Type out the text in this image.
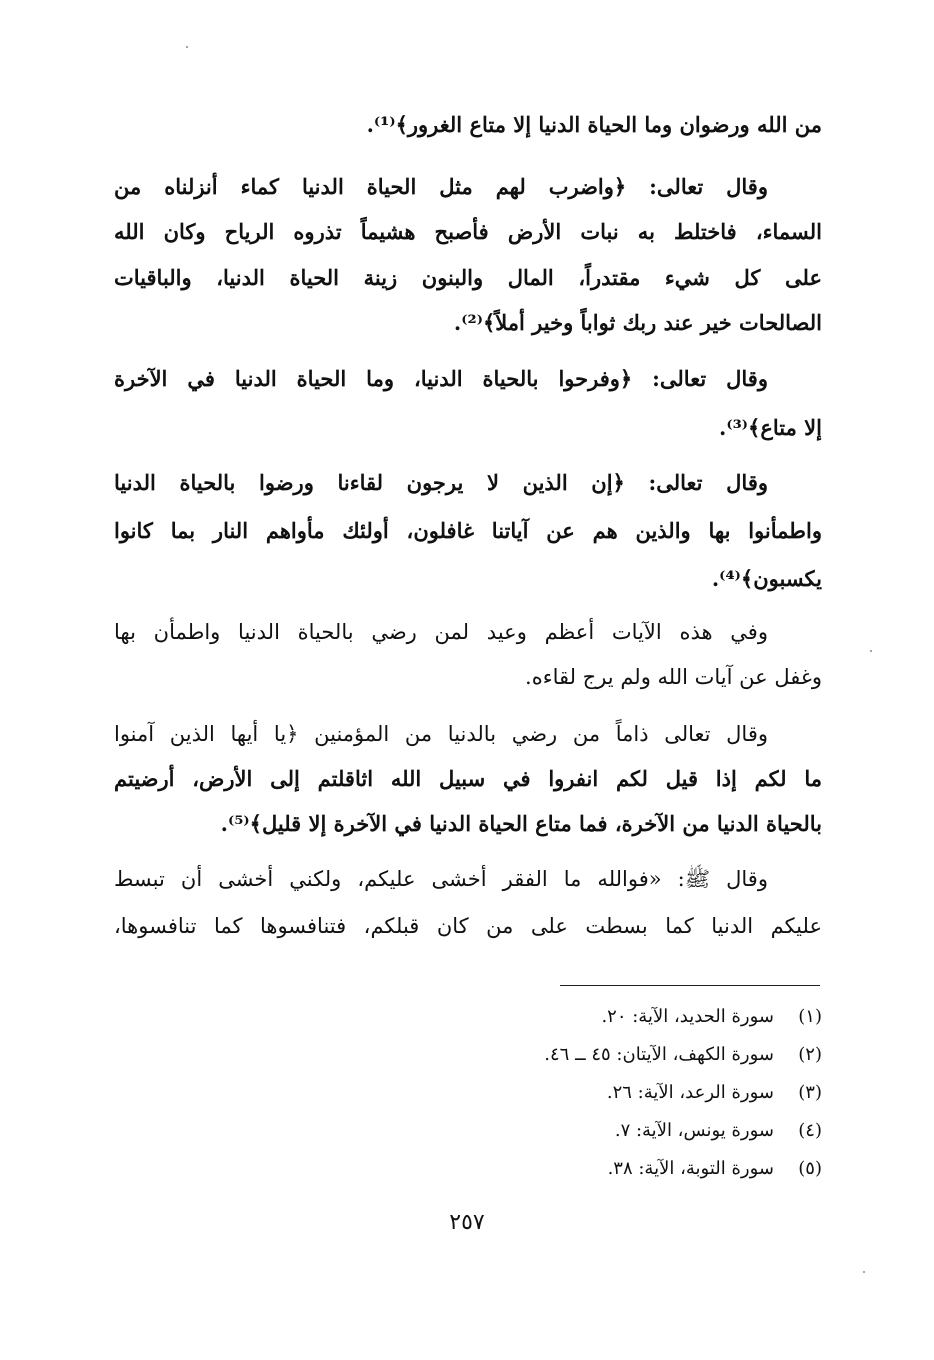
من الله ورضوان وما الحياة الدنيا إلا متاع الغرور﴾⁽¹⁾.
وقال تعالى: ﴿واضرب لهم مثل الحياة الدنيا كماء أنزلناه من
السماء، فاختلط به نبات الأرض فأصبح هشيماً تذروه الرياح وكان الله
على كل شيء مقتدراً، المال والبنون زينة الحياة الدنيا، والباقيات
الصالحات خير عند ربك ثواباً وخير أملاً﴾⁽²⁾.
وقال تعالى: ﴿وفرحوا بالحياة الدنيا، وما الحياة الدنيا في الآخرة
إلا متاع﴾⁽³⁾.
وقال تعالى: ﴿إن الذين لا يرجون لقاءنا ورضوا بالحياة الدنيا
واطمأنوا بها والذين هم عن آياتنا غافلون، أولئك مأواهم النار بما كانوا
يكسبون﴾⁽⁴⁾.
وفي هذه الآيات أعظم وعيد لمن رضي بالحياة الدنيا واطمأن بها
وغفل عن آيات الله ولم يرج لقاءه.
وقال تعالى ذاماً من رضي بالدنيا من المؤمنين ﴿يا أيها الذين آمنوا
ما لكم إذا قيل لكم انفروا في سبيل الله اثاقلتم إلى الأرض، أرضيتم
بالحياة الدنيا من الآخرة، فما متاع الحياة الدنيا في الآخرة إلا قليل﴾⁽⁵⁾.
وقال ﷺ: «فوالله ما الفقر أخشى عليكم، ولكني أخشى أن تبسط
عليكم الدنيا كما بسطت على من كان قبلكم، فتنافسوها كما تنافسوها،
(١)سورة الحديد، الآية: ٢٠.
(٢)سورة الكهف، الآيتان: ٤٥ ــ ٤٦.
(٣)سورة الرعد، الآية: ٢٦.
(٤)سورة يونس، الآية: ٧.
(٥)سورة التوبة، الآية: ٣٨.
٢٥٧
